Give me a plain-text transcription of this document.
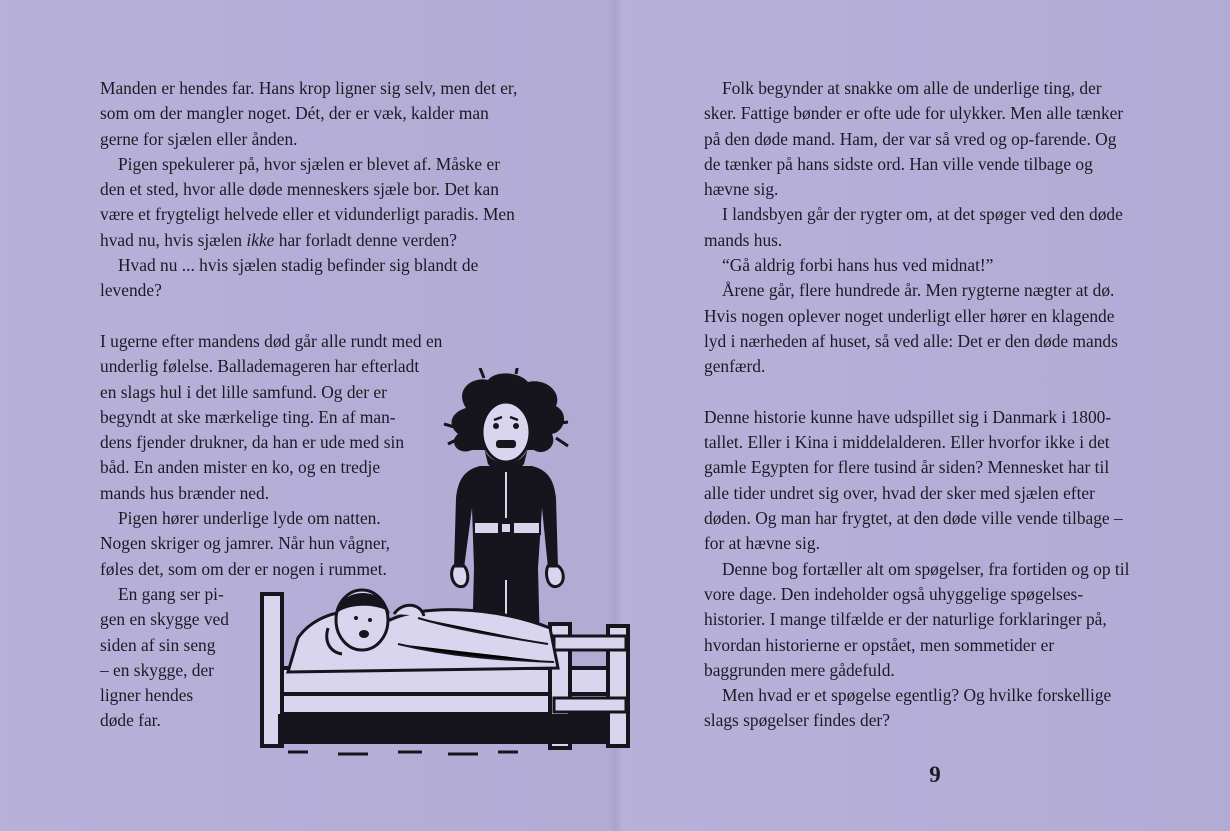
Manden er hendes far. Hans krop ligner sig selv, men det er, som om der mangler noget. Dét, der er væk, kalder man gerne for sjælen eller ånden.

Pigen spekulerer på, hvor sjælen er blevet af. Måske er den et sted, hvor alle døde menneskers sjæle bor. Det kan være et frygteligt helvede eller et vidunderligt paradis. Men hvad nu, hvis sjælen ikke har forladt denne verden?

Hvad nu ... hvis sjælen stadig befinder sig blandt de levende?

I ugerne efter mandens død går alle rundt med en
underlig følelse. Ballademageren har efterladt
en slags hul i det lille samfund. Og der er
begyndt at ske mærkelige ting. En af man-
dens fjender drukner, da han er ude med sin
båd. En anden mister en ko, og en tredje
mands hus brænder ned.
Pigen hører underlige lyde om natten.
Nogen skriger og jamrer. Når hun vågner,
føles det, som om der er nogen i rummet.
En gang ser pi-
gen en skygge ved
siden af sin seng
– en skygge, der
ligner hendes
døde far.

Folk begynder at snakke om alle de underlige ting, der sker. Fattige bønder er ofte ude for ulykker. Men alle tænker på den døde mand. Ham, der var så vred og op-farende. Og de tænker på hans sidste ord. Han ville vende tilbage og hævne sig.

I landsbyen går der rygter om, at det spøger ved den døde mands hus.

“Gå aldrig forbi hans hus ved midnat!”

Årene går, flere hundrede år. Men rygterne nægter at dø. Hvis nogen oplever noget underligt eller hører en klagende lyd i nærheden af huset, så ved alle: Det er den døde mands genfærd.

Denne historie kunne have udspillet sig i Danmark i 1800-tallet. Eller i Kina i middelalderen. Eller hvorfor ikke i det gamle Egypten for flere tusind år siden? Mennesket har til alle tider undret sig over, hvad der sker med sjælen efter døden. Og man har frygtet, at den døde ville vende tilbage – for at hævne sig.

Denne bog fortæller alt om spøgelser, fra fortiden og op til vore dage. Den indeholder også uhyggelige spøgelses-historier. I mange tilfælde er der naturlige forklaringer på, hvordan historierne er opstået, men sommetider er baggrunden mere gådefuld.

Men hvad er et spøgelse egentlig? Og hvilke forskellige slags spøgelser findes der?

9
